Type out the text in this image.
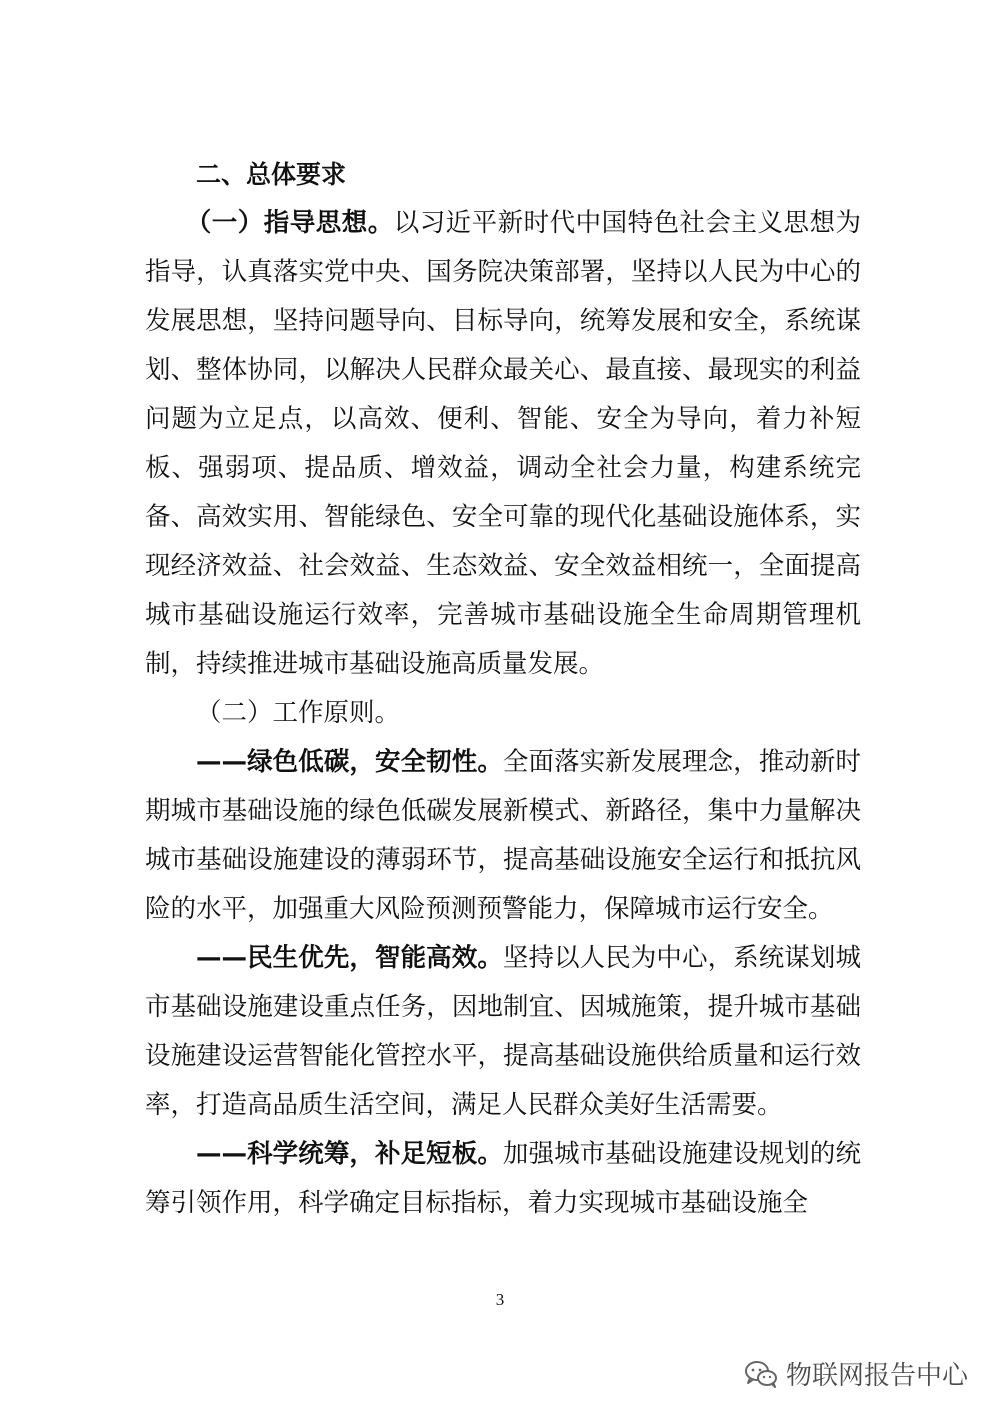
二、总体要求

（一）指导思想。以习近平新时代中国特色社会主义思想为指导，认真落实党中央、国务院决策部署，坚持以人民为中心的发展思想，坚持问题导向、目标导向，统筹发展和安全，系统谋划、整体协同，以解决人民群众最关心、最直接、最现实的利益问题为立足点，以高效、便利、智能、安全为导向，着力补短板、强弱项、提品质、增效益，调动全社会力量，构建系统完备、高效实用、智能绿色、安全可靠的现代化基础设施体系，实现经济效益、社会效益、生态效益、安全效益相统一，全面提高城市基础设施运行效率，完善城市基础设施全生命周期管理机制，持续推进城市基础设施高质量发展。

（二）工作原则。

——绿色低碳，安全韧性。全面落实新发展理念，推动新时期城市基础设施的绿色低碳发展新模式、新路径，集中力量解决城市基础设施建设的薄弱环节，提高基础设施安全运行和抵抗风险的水平，加强重大风险预测预警能力，保障城市运行安全。

——民生优先，智能高效。坚持以人民为中心，系统谋划城市基础设施建设重点任务，因地制宜、因城施策，提升城市基础设施建设运营智能化管控水平，提高基础设施供给质量和运行效率，打造高品质生活空间，满足人民群众美好生活需要。

——科学统筹，补足短板。加强城市基础设施建设规划的统筹引领作用，科学确定目标指标，着力实现城市基础设施全

3
物联网报告中心
